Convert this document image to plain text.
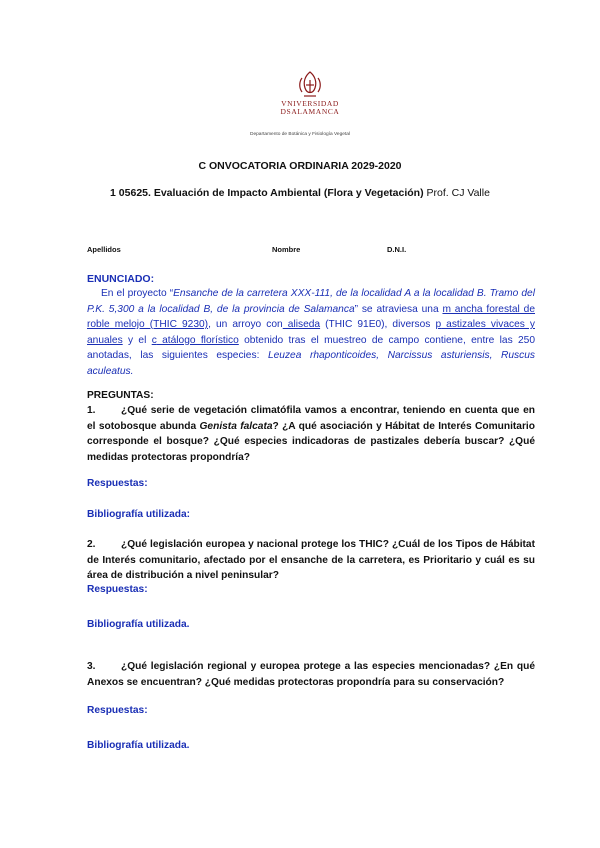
VNIVERSIDAD DSALAMANCA
Departamento de Botánica y Fisiología Vegetal
C ONVOCATORIA ORDINARIA 2029-2020
1 05625. Evaluación de Impacto Ambiental (Flora y Vegetación) Prof. CJ Valle
Apellidos	Nombre	D.N.I.
ENUNCIADO:
En el proyecto “Ensanche de la carretera XXX-111, de la localidad A a la localidad B. Tramo del P.K. 5,300 a la localidad B, de la provincia de Salamanca” se atraviesa una m ancha forestal de roble melojo (THIC 9230), un arroyo con aliseda (THIC 91E0), diversos p astizales vivaces y anuales y el c atálogo florístico obtenido tras el muestreo de campo contiene, entre las 250 anotadas, las siguientes especies: Leuzea rhaponticoides, Narcissus asturiensis, Ruscus aculeatus.
PREGUNTAS:
1.	¿Qué serie de vegetación climatófila vamos a encontrar, teniendo en cuenta que en el sotobosque abunda Genista falcata? ¿A qué asociación y Hábitat de Interés Comunitario corresponde el bosque? ¿Qué especies indicadoras de pastizales debería buscar? ¿Qué medidas protectoras propondría?
Respuestas:
Bibliografía utilizada:
2.	¿Qué legislación europea y nacional protege los THIC? ¿Cuál de los Tipos de Hábitat de Interés comunitario, afectado por el ensanche de la carretera, es Prioritario y cuál es su área de distribución a nivel peninsular?
Respuestas:
Bibliografía utilizada.
3.	¿Qué legislación regional y europea protege a las especies mencionadas? ¿En qué Anexos se encuentran? ¿Qué medidas protectoras propondría para su conservación?
Respuestas:
Bibliografía utilizada.
